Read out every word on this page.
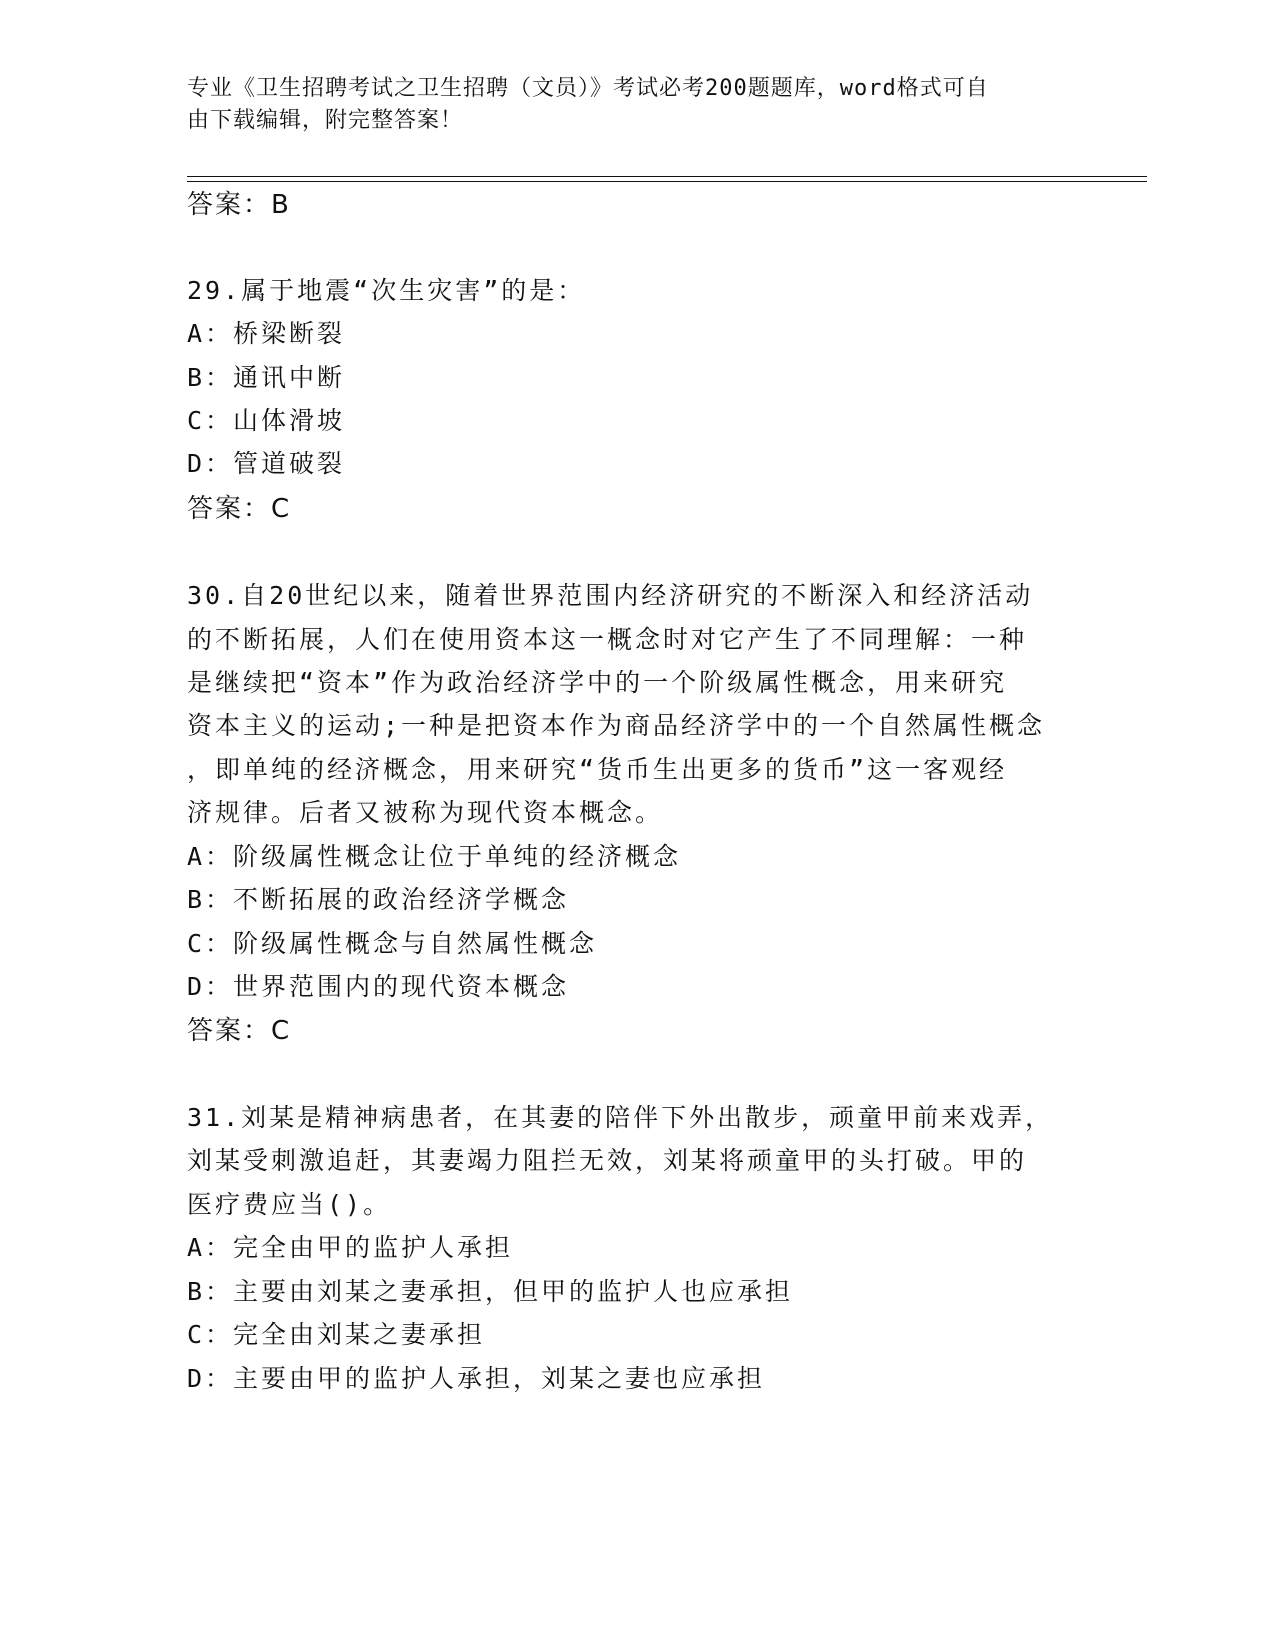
专业《卫生招聘考试之卫生招聘（文员）》考试必考200题题库，word格式可自
由下载编辑，附完整答案！
答案：B
29.属于地震“次生灾害”的是：
A：桥梁断裂
B：通讯中断
C：山体滑坡
D：管道破裂
答案：C
30.自20世纪以来，随着世界范围内经济研究的不断深入和经济活动
的不断拓展，人们在使用资本这一概念时对它产生了不同理解：一种
是继续把“资本”作为政治经济学中的一个阶级属性概念，用来研究
资本主义的运动;一种是把资本作为商品经济学中的一个自然属性概念
，即单纯的经济概念，用来研究“货币生出更多的货币”这一客观经
济规律。后者又被称为现代资本概念。
A：阶级属性概念让位于单纯的经济概念
B：不断拓展的政治经济学概念
C：阶级属性概念与自然属性概念
D：世界范围内的现代资本概念
答案：C
31.刘某是精神病患者，在其妻的陪伴下外出散步，顽童甲前来戏弄，
刘某受刺激追赶，其妻竭力阻拦无效，刘某将顽童甲的头打破。甲的
医疗费应当()。
A：完全由甲的监护人承担
B：主要由刘某之妻承担，但甲的监护人也应承担
C：完全由刘某之妻承担
D：主要由甲的监护人承担，刘某之妻也应承担
